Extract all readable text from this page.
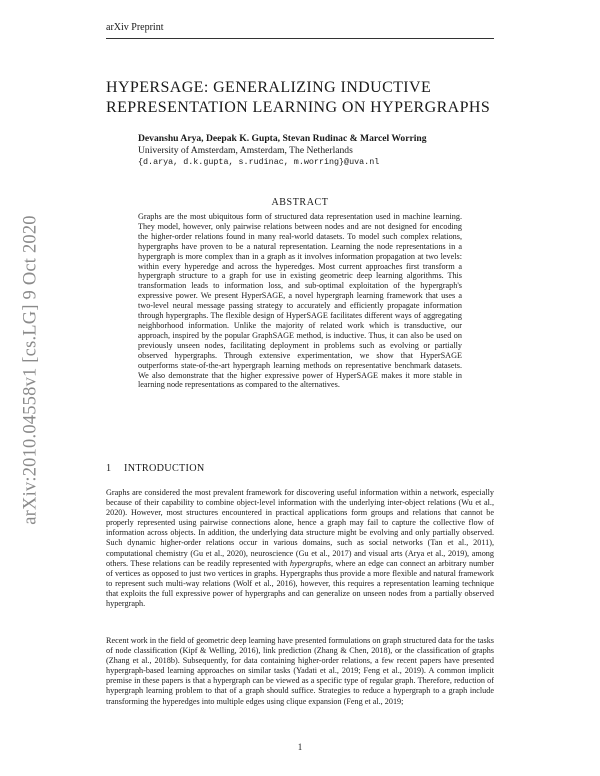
arXiv Preprint
arXiv:2010.04558v1 [cs.LG] 9 Oct 2020
HYPERSAGE: GENERALIZING INDUCTIVE
REPRESENTATION LEARNING ON HYPERGRAPHS
Devanshu Arya, Deepak K. Gupta, Stevan Rudinac & Marcel Worring
University of Amsterdam, Amsterdam, The Netherlands
{d.arya, d.k.gupta, s.rudinac, m.worring}@uva.nl
ABSTRACT
Graphs are the most ubiquitous form of structured data representation used in machine learning. They model, however, only pairwise relations between nodes and are not designed for encoding the higher-order relations found in many real-world datasets. To model such complex relations, hypergraphs have proven to be a natural representation. Learning the node representations in a hypergraph is more complex than in a graph as it involves information propagation at two levels: within every hyperedge and across the hyperedges. Most current approaches first transform a hypergraph structure to a graph for use in existing geometric deep learning algorithms. This transformation leads to information loss, and sub-optimal exploitation of the hypergraph's expressive power. We present HyperSAGE, a novel hypergraph learning framework that uses a two-level neural message passing strategy to accurately and efficiently propagate information through hypergraphs. The flexible design of HyperSAGE facilitates different ways of aggregating neighborhood information. Unlike the majority of related work which is transductive, our approach, inspired by the popular GraphSAGE method, is inductive. Thus, it can also be used on previously unseen nodes, facilitating deployment in problems such as evolving or partially observed hypergraphs. Through extensive experimentation, we show that HyperSAGE outperforms state-of-the-art hypergraph learning methods on representative benchmark datasets. We also demonstrate that the higher expressive power of HyperSAGE makes it more stable in learning node representations as compared to the alternatives.
1 INTRODUCTION
Graphs are considered the most prevalent framework for discovering useful information within a network, especially because of their capability to combine object-level information with the underlying inter-object relations (Wu et al., 2020). However, most structures encountered in practical applications form groups and relations that cannot be properly represented using pairwise connections alone, hence a graph may fail to capture the collective flow of information across objects. In addition, the underlying data structure might be evolving and only partially observed. Such dynamic higher-order relations occur in various domains, such as social networks (Tan et al., 2011), computational chemistry (Gu et al., 2020), neuroscience (Gu et al., 2017) and visual arts (Arya et al., 2019), among others. These relations can be readily represented with hypergraphs, where an edge can connect an arbitrary number of vertices as opposed to just two vertices in graphs. Hypergraphs thus provide a more flexible and natural framework to represent such multi-way relations (Wolf et al., 2016), however, this requires a representation learning technique that exploits the full expressive power of hypergraphs and can generalize on unseen nodes from a partially observed hypergraph.
Recent work in the field of geometric deep learning have presented formulations on graph structured data for the tasks of node classification (Kipf & Welling, 2016), link prediction (Zhang & Chen, 2018), or the classification of graphs (Zhang et al., 2018b). Subsequently, for data containing higher-order relations, a few recent papers have presented hypergraph-based learning approaches on similar tasks (Yadati et al., 2019; Feng et al., 2019). A common implicit premise in these papers is that a hypergraph can be viewed as a specific type of regular graph. Therefore, reduction of hypergraph learning problem to that of a graph should suffice. Strategies to reduce a hypergraph to a graph include transforming the hyperedges into multiple edges using clique expansion (Feng et al., 2019;
1
